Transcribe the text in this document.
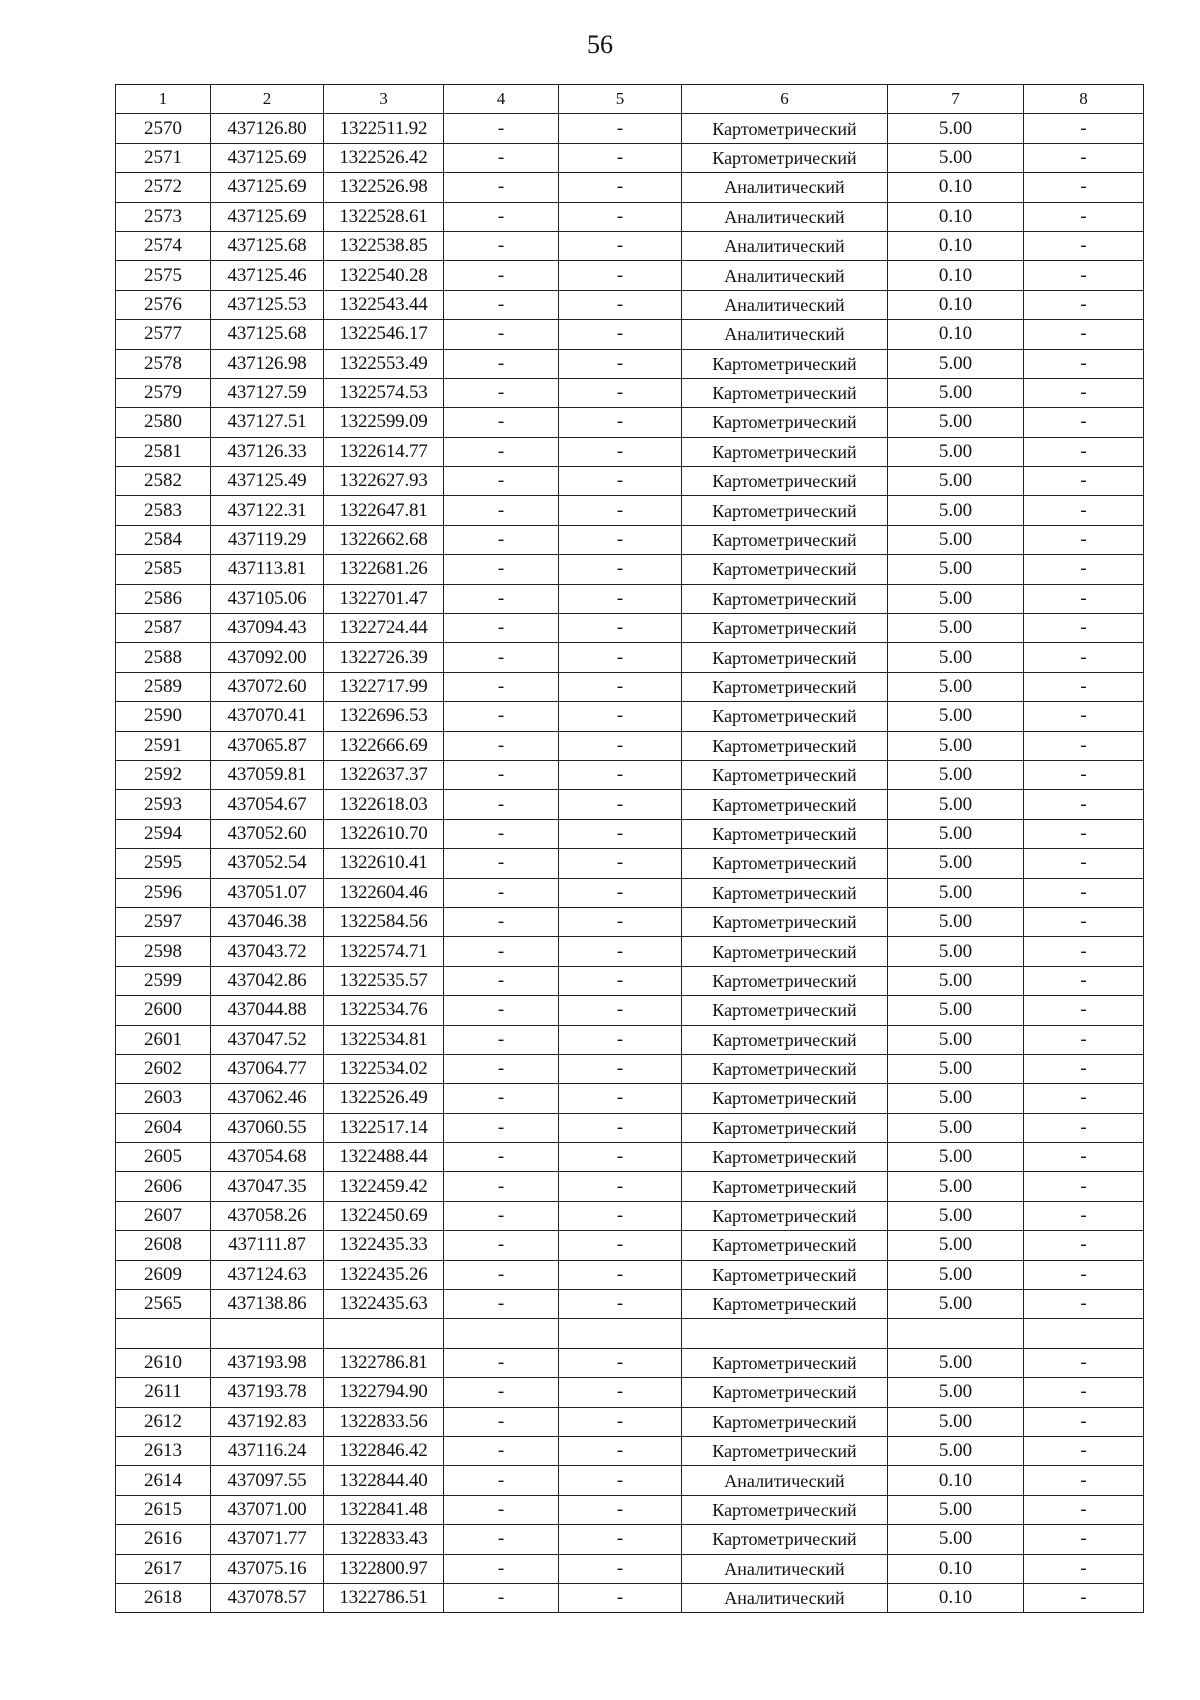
56
1	2	3	4	5	6	7	8
2570	437126.80	1322511.92	-	-	Картометрический	5.00	-
2571	437125.69	1322526.42	-	-	Картометрический	5.00	-
2572	437125.69	1322526.98	-	-	Аналитический	0.10	-
2573	437125.69	1322528.61	-	-	Аналитический	0.10	-
2574	437125.68	1322538.85	-	-	Аналитический	0.10	-
2575	437125.46	1322540.28	-	-	Аналитический	0.10	-
2576	437125.53	1322543.44	-	-	Аналитический	0.10	-
2577	437125.68	1322546.17	-	-	Аналитический	0.10	-
2578	437126.98	1322553.49	-	-	Картометрический	5.00	-
2579	437127.59	1322574.53	-	-	Картометрический	5.00	-
2580	437127.51	1322599.09	-	-	Картометрический	5.00	-
2581	437126.33	1322614.77	-	-	Картометрический	5.00	-
2582	437125.49	1322627.93	-	-	Картометрический	5.00	-
2583	437122.31	1322647.81	-	-	Картометрический	5.00	-
2584	437119.29	1322662.68	-	-	Картометрический	5.00	-
2585	437113.81	1322681.26	-	-	Картометрический	5.00	-
2586	437105.06	1322701.47	-	-	Картометрический	5.00	-
2587	437094.43	1322724.44	-	-	Картометрический	5.00	-
2588	437092.00	1322726.39	-	-	Картометрический	5.00	-
2589	437072.60	1322717.99	-	-	Картометрический	5.00	-
2590	437070.41	1322696.53	-	-	Картометрический	5.00	-
2591	437065.87	1322666.69	-	-	Картометрический	5.00	-
2592	437059.81	1322637.37	-	-	Картометрический	5.00	-
2593	437054.67	1322618.03	-	-	Картометрический	5.00	-
2594	437052.60	1322610.70	-	-	Картометрический	5.00	-
2595	437052.54	1322610.41	-	-	Картометрический	5.00	-
2596	437051.07	1322604.46	-	-	Картометрический	5.00	-
2597	437046.38	1322584.56	-	-	Картометрический	5.00	-
2598	437043.72	1322574.71	-	-	Картометрический	5.00	-
2599	437042.86	1322535.57	-	-	Картометрический	5.00	-
2600	437044.88	1322534.76	-	-	Картометрический	5.00	-
2601	437047.52	1322534.81	-	-	Картометрический	5.00	-
2602	437064.77	1322534.02	-	-	Картометрический	5.00	-
2603	437062.46	1322526.49	-	-	Картометрический	5.00	-
2604	437060.55	1322517.14	-	-	Картометрический	5.00	-
2605	437054.68	1322488.44	-	-	Картометрический	5.00	-
2606	437047.35	1322459.42	-	-	Картометрический	5.00	-
2607	437058.26	1322450.69	-	-	Картометрический	5.00	-
2608	437111.87	1322435.33	-	-	Картометрический	5.00	-
2609	437124.63	1322435.26	-	-	Картометрический	5.00	-
2565	437138.86	1322435.63	-	-	Картометрический	5.00	-

2610	437193.98	1322786.81	-	-	Картометрический	5.00	-
2611	437193.78	1322794.90	-	-	Картометрический	5.00	-
2612	437192.83	1322833.56	-	-	Картометрический	5.00	-
2613	437116.24	1322846.42	-	-	Картометрический	5.00	-
2614	437097.55	1322844.40	-	-	Аналитический	0.10	-
2615	437071.00	1322841.48	-	-	Картометрический	5.00	-
2616	437071.77	1322833.43	-	-	Картометрический	5.00	-
2617	437075.16	1322800.97	-	-	Аналитический	0.10	-
2618	437078.57	1322786.51	-	-	Аналитический	0.10	-
